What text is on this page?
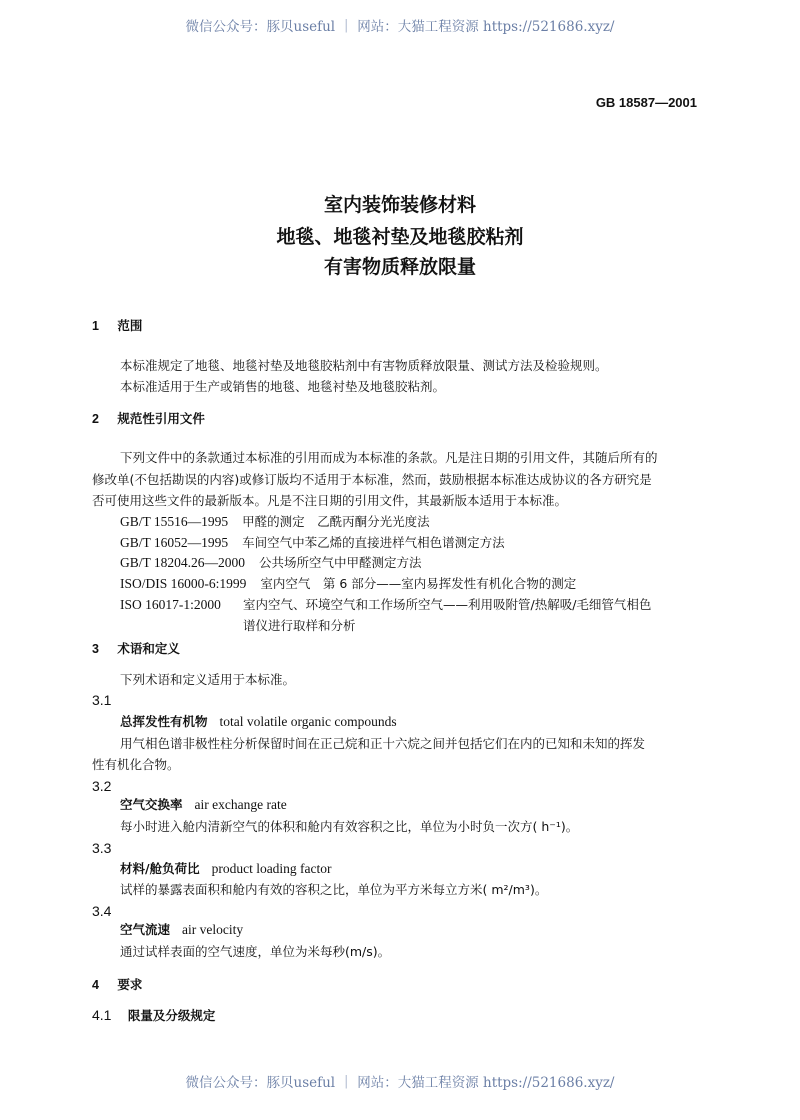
微信公众号：豚贝useful ｜ 网站：大猫工程资源 https://521686.xyz/
GB 18587—2001
室内装饰装修材料
地毯、地毯衬垫及地毯胶粘剂
有害物质释放限量
1 范围
本标准规定了地毯、地毯衬垫及地毯胶粘剂中有害物质释放限量、测试方法及检验规则。
本标准适用于生产或销售的地毯、地毯衬垫及地毯胶粘剂。
2 规范性引用文件
下列文件中的条款通过本标准的引用而成为本标准的条款。凡是注日期的引用文件，其随后所有的
修改单(不包括勘误的内容)或修订版均不适用于本标准，然而，鼓励根据本标准达成协议的各方研究是
否可使用这些文件的最新版本。凡是不注日期的引用文件，其最新版本适用于本标准。
GB/T 15516—1995 甲醛的测定　乙酰丙酮分光光度法
GB/T 16052—1995 车间空气中苯乙烯的直接进样气相色谱测定方法
GB/T 18204.26—2000 公共场所空气中甲醛测定方法
ISO/DIS 16000-6:1999 室内空气　第 6 部分——室内易挥发性有机化合物的测定
ISO 16017-1:2000 室内空气、环境空气和工作场所空气——利用吸附管/热解吸/毛细管气相色
谱仪进行取样和分析
3 术语和定义
下列术语和定义适用于本标准。
3.1
总挥发性有机物 total volatile organic compounds
用气相色谱非极性柱分析保留时间在正己烷和正十六烷之间并包括它们在内的已知和未知的挥发
性有机化合物。
3.2
空气交换率 air exchange rate
每小时进入舱内清新空气的体积和舱内有效容积之比，单位为小时负一次方( h⁻¹)。
3.3
材料/舱负荷比 product loading factor
试样的暴露表面积和舱内有效的容积之比，单位为平方米每立方米( m²/m³)。
3.4
空气流速 air velocity
通过试样表面的空气速度，单位为米每秒(m/s)。
4 要求
4.1 限量及分级规定
微信公众号：豚贝useful ｜ 网站：大猫工程资源 https://521686.xyz/
